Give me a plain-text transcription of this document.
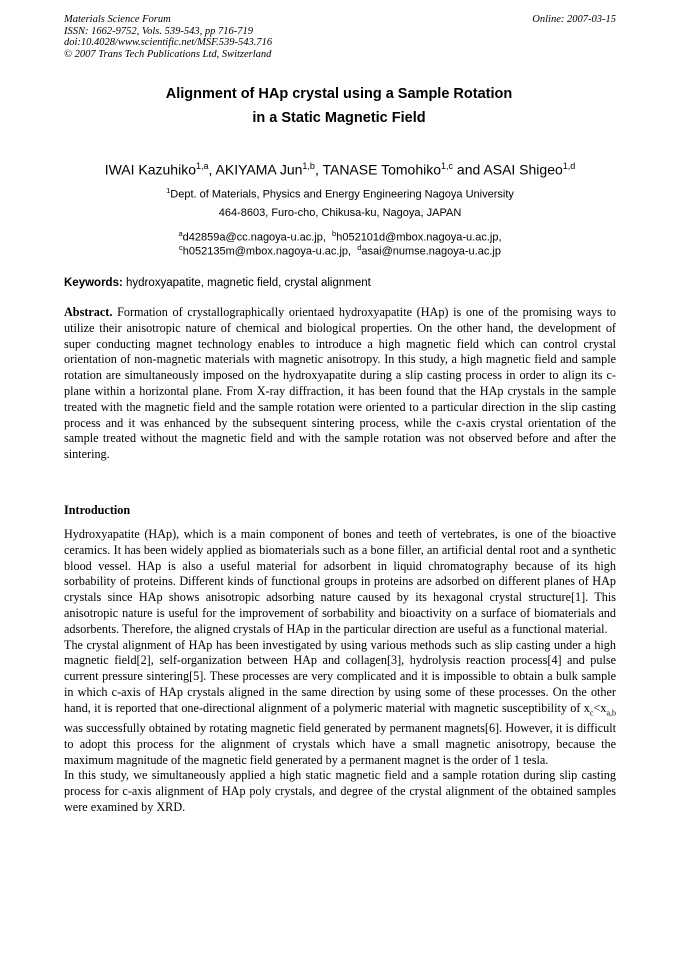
Materials Science Forum
ISSN: 1662-9752, Vols. 539-543, pp 716-719
doi:10.4028/www.scientific.net/MSF.539-543.716
© 2007 Trans Tech Publications Ltd, Switzerland
Online: 2007-03-15
Alignment of HAp crystal using a Sample Rotation
in a Static Magnetic Field
IWAI Kazuhiko$^{1,a}$, AKIYAMA Jun$^{1,b}$, TANASE Tomohiko$^{1,c}$ and ASAI Shigeo$^{1,d}$
$^1$Dept. of Materials, Physics and Energy Engineering Nagoya University
464-8603, Furo-cho, Chikusa-ku, Nagoya, JAPAN
$^a$d42859a@cc.nagoya-u.ac.jp, $^b$h052101d@mbox.nagoya-u.ac.jp,
$^c$h052135m@mbox.nagoya-u.ac.jp, $^d$asai@numse.nagoya-u.ac.jp
Keywords: hydroxyapatite, magnetic field, crystal alignment
Abstract. Formation of crystallographically orientaed hydroxyapatite (HAp) is one of the promising ways to utilize their anisotropic nature of chemical and biological properties. On the other hand, the development of super conducting magnet technology enables to introduce a high magnetic field which can control crystal orientation of non-magnetic materials with magnetic anisotropy. In this study, a high magnetic field and sample rotation are simultaneously imposed on the hydroxyapatite during a slip casting process in order to align its c-plane within a horizontal plane. From X-ray diffraction, it has been found that the HAp crystals in the sample treated with the magnetic field and the sample rotation were oriented to a particular direction in the slip casting process and it was enhanced by the subsequent sintering process, while the c-axis crystal orientation of the sample treated without the magnetic field and with the sample rotation was not observed before and after the sintering.
Introduction

Hydroxyapatite (HAp), which is a main component of bones and teeth of vertebrates, is one of the bioactive ceramics. It has been widely applied as biomaterials such as a bone filler, an artificial dental root and a synthetic blood vessel. HAp is also a useful material for adsorbent in liquid chromatography because of its high sorbability of proteins. Different kinds of functional groups in proteins are adsorbed on different planes of HAp crystals since HAp shows anisotropic adsorbing nature caused by its hexagonal crystal structure[1]. This anisotropic nature is useful for the improvement of sorbability and bioactivity on a surface of biomaterials and adsorbents. Therefore, the aligned crystals of HAp in the particular direction are useful as a functional material.

The crystal alignment of HAp has been investigated by using various methods such as slip casting under a high magnetic field[2], self-organization between HAp and collagen[3], hydrolysis reaction process[4] and pulse current pressure sintering[5]. These processes are very complicated and it is impossible to obtain a bulk sample in which c-axis of HAp crystals aligned in the same direction by using some of these processes. On the other hand, it is reported that one-directional alignment of a polymeric material with magnetic susceptibility of $x_c<x_{a,b}$ was successfully obtained by rotating magnetic field generated by permanent magnets[6]. However, it is difficult to adopt this process for the alignment of crystals which have a small magnetic anisotropy, because the maximum magnitude of the magnetic field generated by a permanent magnet is the order of 1 tesla.

In this study, we simultaneously applied a high static magnetic field and a sample rotation during slip casting process for c-axis alignment of HAp poly crystals, and degree of the crystal alignment of the obtained samples were examined by XRD.
